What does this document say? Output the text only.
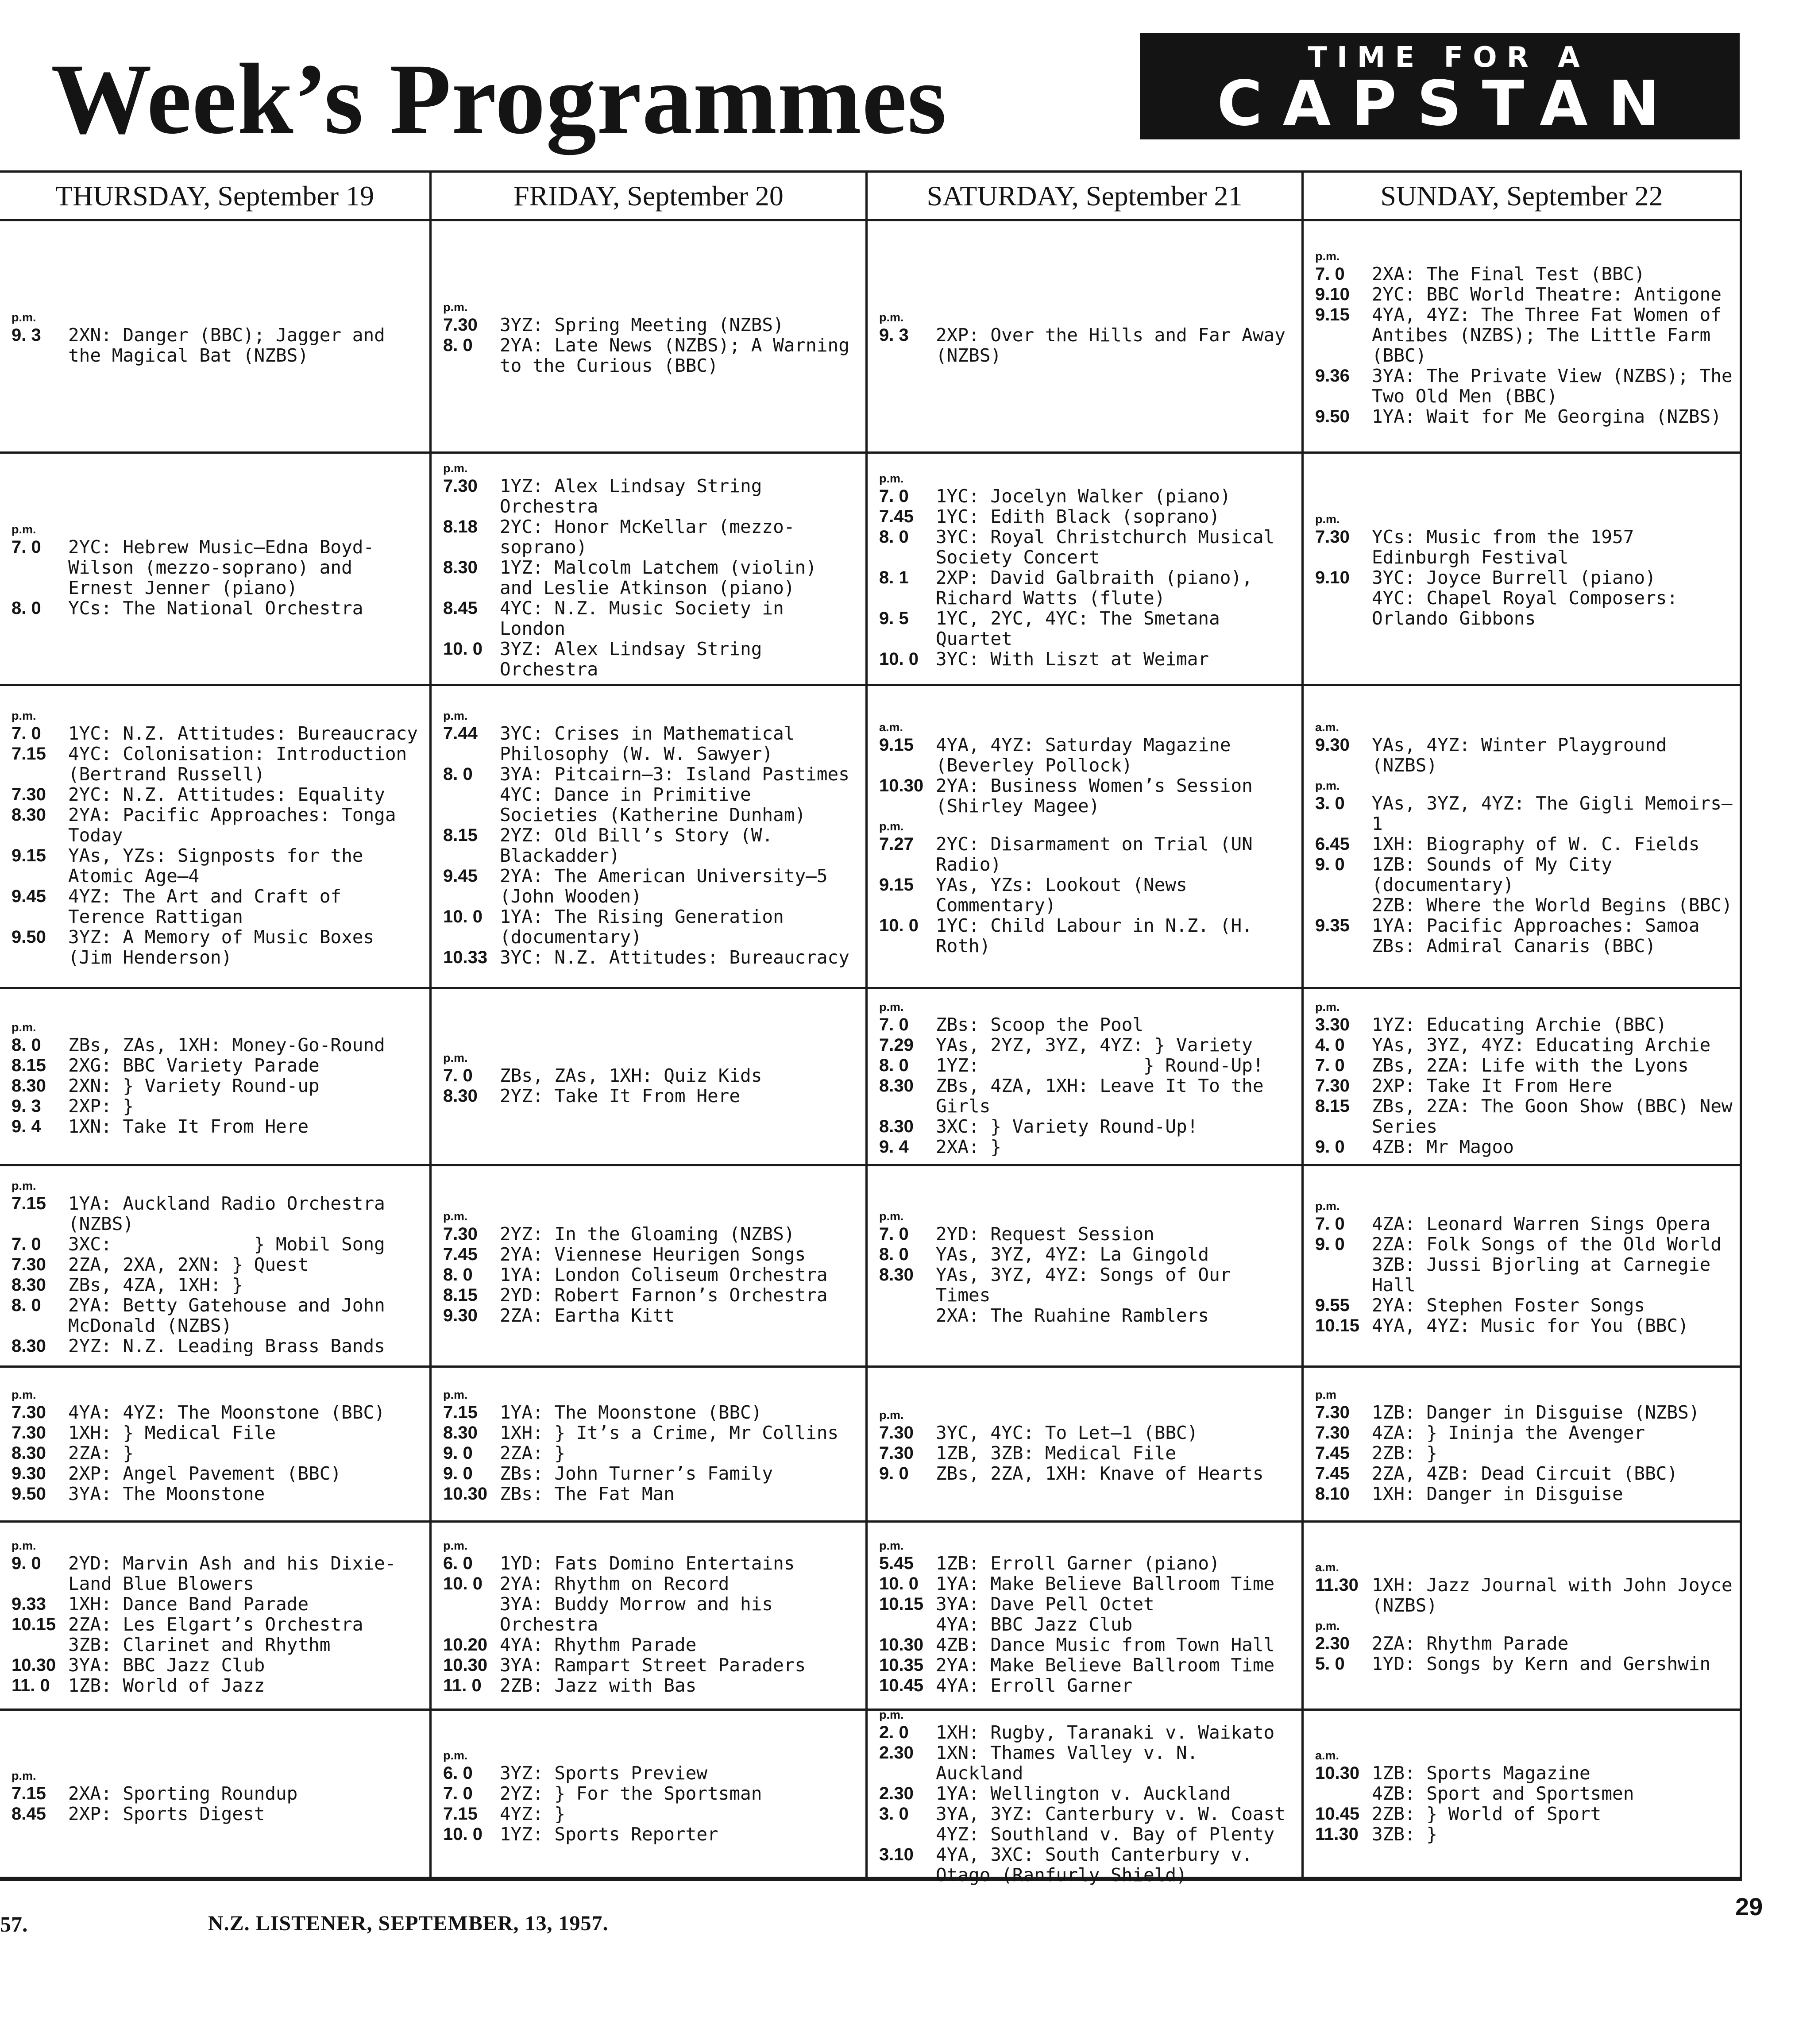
Week’s Programmes	TIME FOR A
CAPSTAN
THURSDAY, September 19	FRIDAY, September 20	SATURDAY, September 21	SUNDAY, September 22
p.m.
9. 3	2XN: Danger (BBC); Jagger and the Magical Bat (NZBS)
p.m.
7.30	3YZ: Spring Meeting (NZBS)
8. 0	2YA: Late News (NZBS); A Warning to the Curious (BBC)
p.m.
9. 3	2XP: Over the Hills and Far Away (NZBS)
p.m.
7. 0	2XA: The Final Test (BBC)
9.10	2YC: BBC World Theatre: Antigone
9.15	4YA, 4YZ: The Three Fat Women of Antibes (NZBS); The Little Farm (BBC)
9.36	3YA: The Private View (NZBS); The Two Old Men (BBC)
9.50	1YA: Wait for Me Georgina (NZBS)
p.m.
7. 0	2YC: Hebrew Music—Edna Boyd-Wilson (mezzo-soprano) and Ernest Jenner (piano)
8. 0	YCs: The National Orchestra
p.m.
7.30	1YZ: Alex Lindsay String Orchestra
8.18	2YC: Honor McKellar (mezzo-soprano)
8.30	1YZ: Malcolm Latchem (violin) and Leslie Atkinson (piano)
8.45	4YC: N.Z. Music Society in London
10. 0 3YZ: Alex Lindsay String Orchestra
p.m.
7. 0	1YC: Jocelyn Walker (piano)
7.45	1YC: Edith Black (soprano)
8. 0	3YC: Royal Christchurch Musical Society Concert
8. 1	2XP: David Galbraith (piano), Richard Watts (flute)
9. 5	1YC, 2YC, 4YC: The Smetana Quartet
10. 0 3YC: With Liszt at Weimar
p.m.
7.30	YCs: Music from the 1957 Edinburgh Festival
9.10	3YC: Joyce Burrell (piano)
4YC: Chapel Royal Composers: Orlando Gibbons
p.m.
7. 0	1YC: N.Z. Attitudes: Bureaucracy
7.15	4YC: Colonisation: Introduction (Bertrand Russell)
7.30	2YC: N.Z. Attitudes: Equality
8.30	2YA: Pacific Approaches: Tonga Today
9.15	YAs, YZs: Signposts for the Atomic Age—4
9.45	4YZ: The Art and Craft of Terence Rattigan
9.50	3YZ: A Memory of Music Boxes (Jim Henderson)
p.m.
7.44	3YC: Crises in Mathematical Philosophy (W. W. Sawyer)
8. 0	3YA: Pitcairn—3: Island Pastimes
4YC: Dance in Primitive Societies (Katherine Dunham)
8.15	2YZ: Old Bill’s Story (W. Blackadder)
9.45	2YA: The American University—5 (John Wooden)
10. 0 1YA: The Rising Generation (documentary)
10.33 3YC: N.Z. Attitudes: Bureaucracy
a.m.
9.15	4YA, 4YZ: Saturday Magazine (Beverley Pollock)
10.30 2YA: Business Women’s Session (Shirley Magee)
p.m.
7.27	2YC: Disarmament on Trial (UN Radio)
9.15	YAs, YZs: Lookout (News Commentary)
10. 0 1YC: Child Labour in N.Z. (H. Roth)
a.m.
9.30	YAs, 4YZ: Winter Playground (NZBS)
p.m.
3. 0	YAs, 3YZ, 4YZ: The Gigli Memoirs—1
6.45	1XH: Biography of W. C. Fields
9. 0	1ZB: Sounds of My City (documentary)
2ZB: Where the World Begins (BBC)
9.35	1YA: Pacific Approaches: Samoa
ZBs: Admiral Canaris (BBC)
p.m.
8. 0	ZBs, ZAs, 1XH: Money-Go-Round
8.15	2XG: BBC Variety Parade
8.30	2XN: } Variety Round-up
9. 3	2XP: }
9. 4	1XN: Take It From Here
p.m.
7. 0	ZBs, ZAs, 1XH: Quiz Kids
8.30	2YZ: Take It From Here
p.m.
7. 0	ZBs: Scoop the Pool
7.29	YAs, 2YZ, 3YZ, 4YZ: } Variety
8. 0	1YZ:               } Round-Up!
8.30	ZBs, 4ZA, 1XH: Leave It To the Girls
8.30	3XC: } Variety Round-Up!
9. 4	2XA: }
p.m.
3.30	1YZ: Educating Archie (BBC)
4. 0	YAs, 3YZ, 4YZ: Educating Archie
7. 0	ZBs, 2ZA: Life with the Lyons
7.30	2XP: Take It From Here
8.15	ZBs, 2ZA: The Goon Show (BBC) New Series
9. 0	4ZB: Mr Magoo
p.m.
7.15	1YA: Auckland Radio Orchestra (NZBS)
7. 0	3XC:             } Mobil Song
7.30	2ZA, 2XA, 2XN: } Quest
8.30	ZBs, 4ZA, 1XH: }
8. 0	2YA: Betty Gatehouse and John McDonald (NZBS)
8.30	2YZ: N.Z. Leading Brass Bands
p.m.
7.30	2YZ: In the Gloaming (NZBS)
7.45	2YA: Viennese Heurigen Songs
8. 0	1YA: London Coliseum Orchestra
8.15	2YD: Robert Farnon’s Orchestra
9.30	2ZA: Eartha Kitt
p.m.
7. 0	2YD: Request Session
8. 0	YAs, 3YZ, 4YZ: La Gingold
8.30	YAs, 3YZ, 4YZ: Songs of Our Times
2XA: The Ruahine Ramblers
p.m.
7. 0	4ZA: Leonard Warren Sings Opera
9. 0	2ZA: Folk Songs of the Old World
3ZB: Jussi Bjorling at Carnegie Hall
9.55	2YA: Stephen Foster Songs
10.15 4YA, 4YZ: Music for You (BBC)
p.m.
7.30	4YA: 4YZ: The Moonstone (BBC)
7.30	1XH: } Medical File
8.30	2ZA: }
9.30	2XP: Angel Pavement (BBC)
9.50	3YA: The Moonstone
p.m.
7.15	1YA: The Moonstone (BBC)
8.30	1XH: } It’s a Crime, Mr Collins
9. 0	2ZA: }
9. 0	ZBs: John Turner’s Family
10.30 ZBs: The Fat Man
p.m.
7.30	3YC, 4YC: To Let—1 (BBC)
7.30	1ZB, 3ZB: Medical File
9. 0	ZBs, 2ZA, 1XH: Knave of Hearts
p.m
7.30	1ZB: Danger in Disguise (NZBS)
7.30	4ZA: } Ininja the Avenger
7.45	2ZB: }
7.45	2ZA, 4ZB: Dead Circuit (BBC)
8.10	1XH: Danger in Disguise
p.m.
9. 0	2YD: Marvin Ash and his Dixie-Land Blue Blowers
9.33	1XH: Dance Band Parade
10.15 2ZA: Les Elgart’s Orchestra
3ZB: Clarinet and Rhythm
10.30 3YA: BBC Jazz Club
11. 0	1ZB: World of Jazz
p.m.
6. 0	1YD: Fats Domino Entertains
10. 0 2YA: Rhythm on Record
3YA: Buddy Morrow and his Orchestra
10.20 4YA: Rhythm Parade
10.30 3YA: Rampart Street Paraders
11. 0	2ZB: Jazz with Bas
p.m.
5.45	1ZB: Erroll Garner (piano)
10. 0 1YA: Make Believe Ballroom Time
10.15 3YA: Dave Pell Octet
4YA: BBC Jazz Club
10.30 4ZB: Dance Music from Town Hall
10.35 2YA: Make Believe Ballroom Time
10.45 4YA: Erroll Garner
a.m.
11.30 1XH: Jazz Journal with John Joyce (NZBS)
p.m.
2.30	2ZA: Rhythm Parade
5. 0	1YD: Songs by Kern and Gershwin
p.m.
7.15	2XA: Sporting Roundup
8.45	2XP: Sports Digest
p.m.
6. 0	3YZ: Sports Preview
7. 0	2YZ: } For the Sportsman
7.15	4YZ: }
10. 0 1YZ: Sports Reporter
p.m.
2. 0	1XH: Rugby, Taranaki v. Waikato
2.30	1XN: Thames Valley v. N. Auckland
2.30	1YA: Wellington v. Auckland
3. 0	3YA, 3YZ: Canterbury v. W. Coast
4YZ: Southland v. Bay of Plenty
3.10	4YA, 3XC: South Canterbury v. Otago (Ranfurly Shield)
a.m.
10.30 1ZB: Sports Magazine
4ZB: Sport and Sportsmen
10.45 2ZB: } World of Sport
11.30 3ZB: }
57.	N.Z. LISTENER, SEPTEMBER, 13, 1957.
29
